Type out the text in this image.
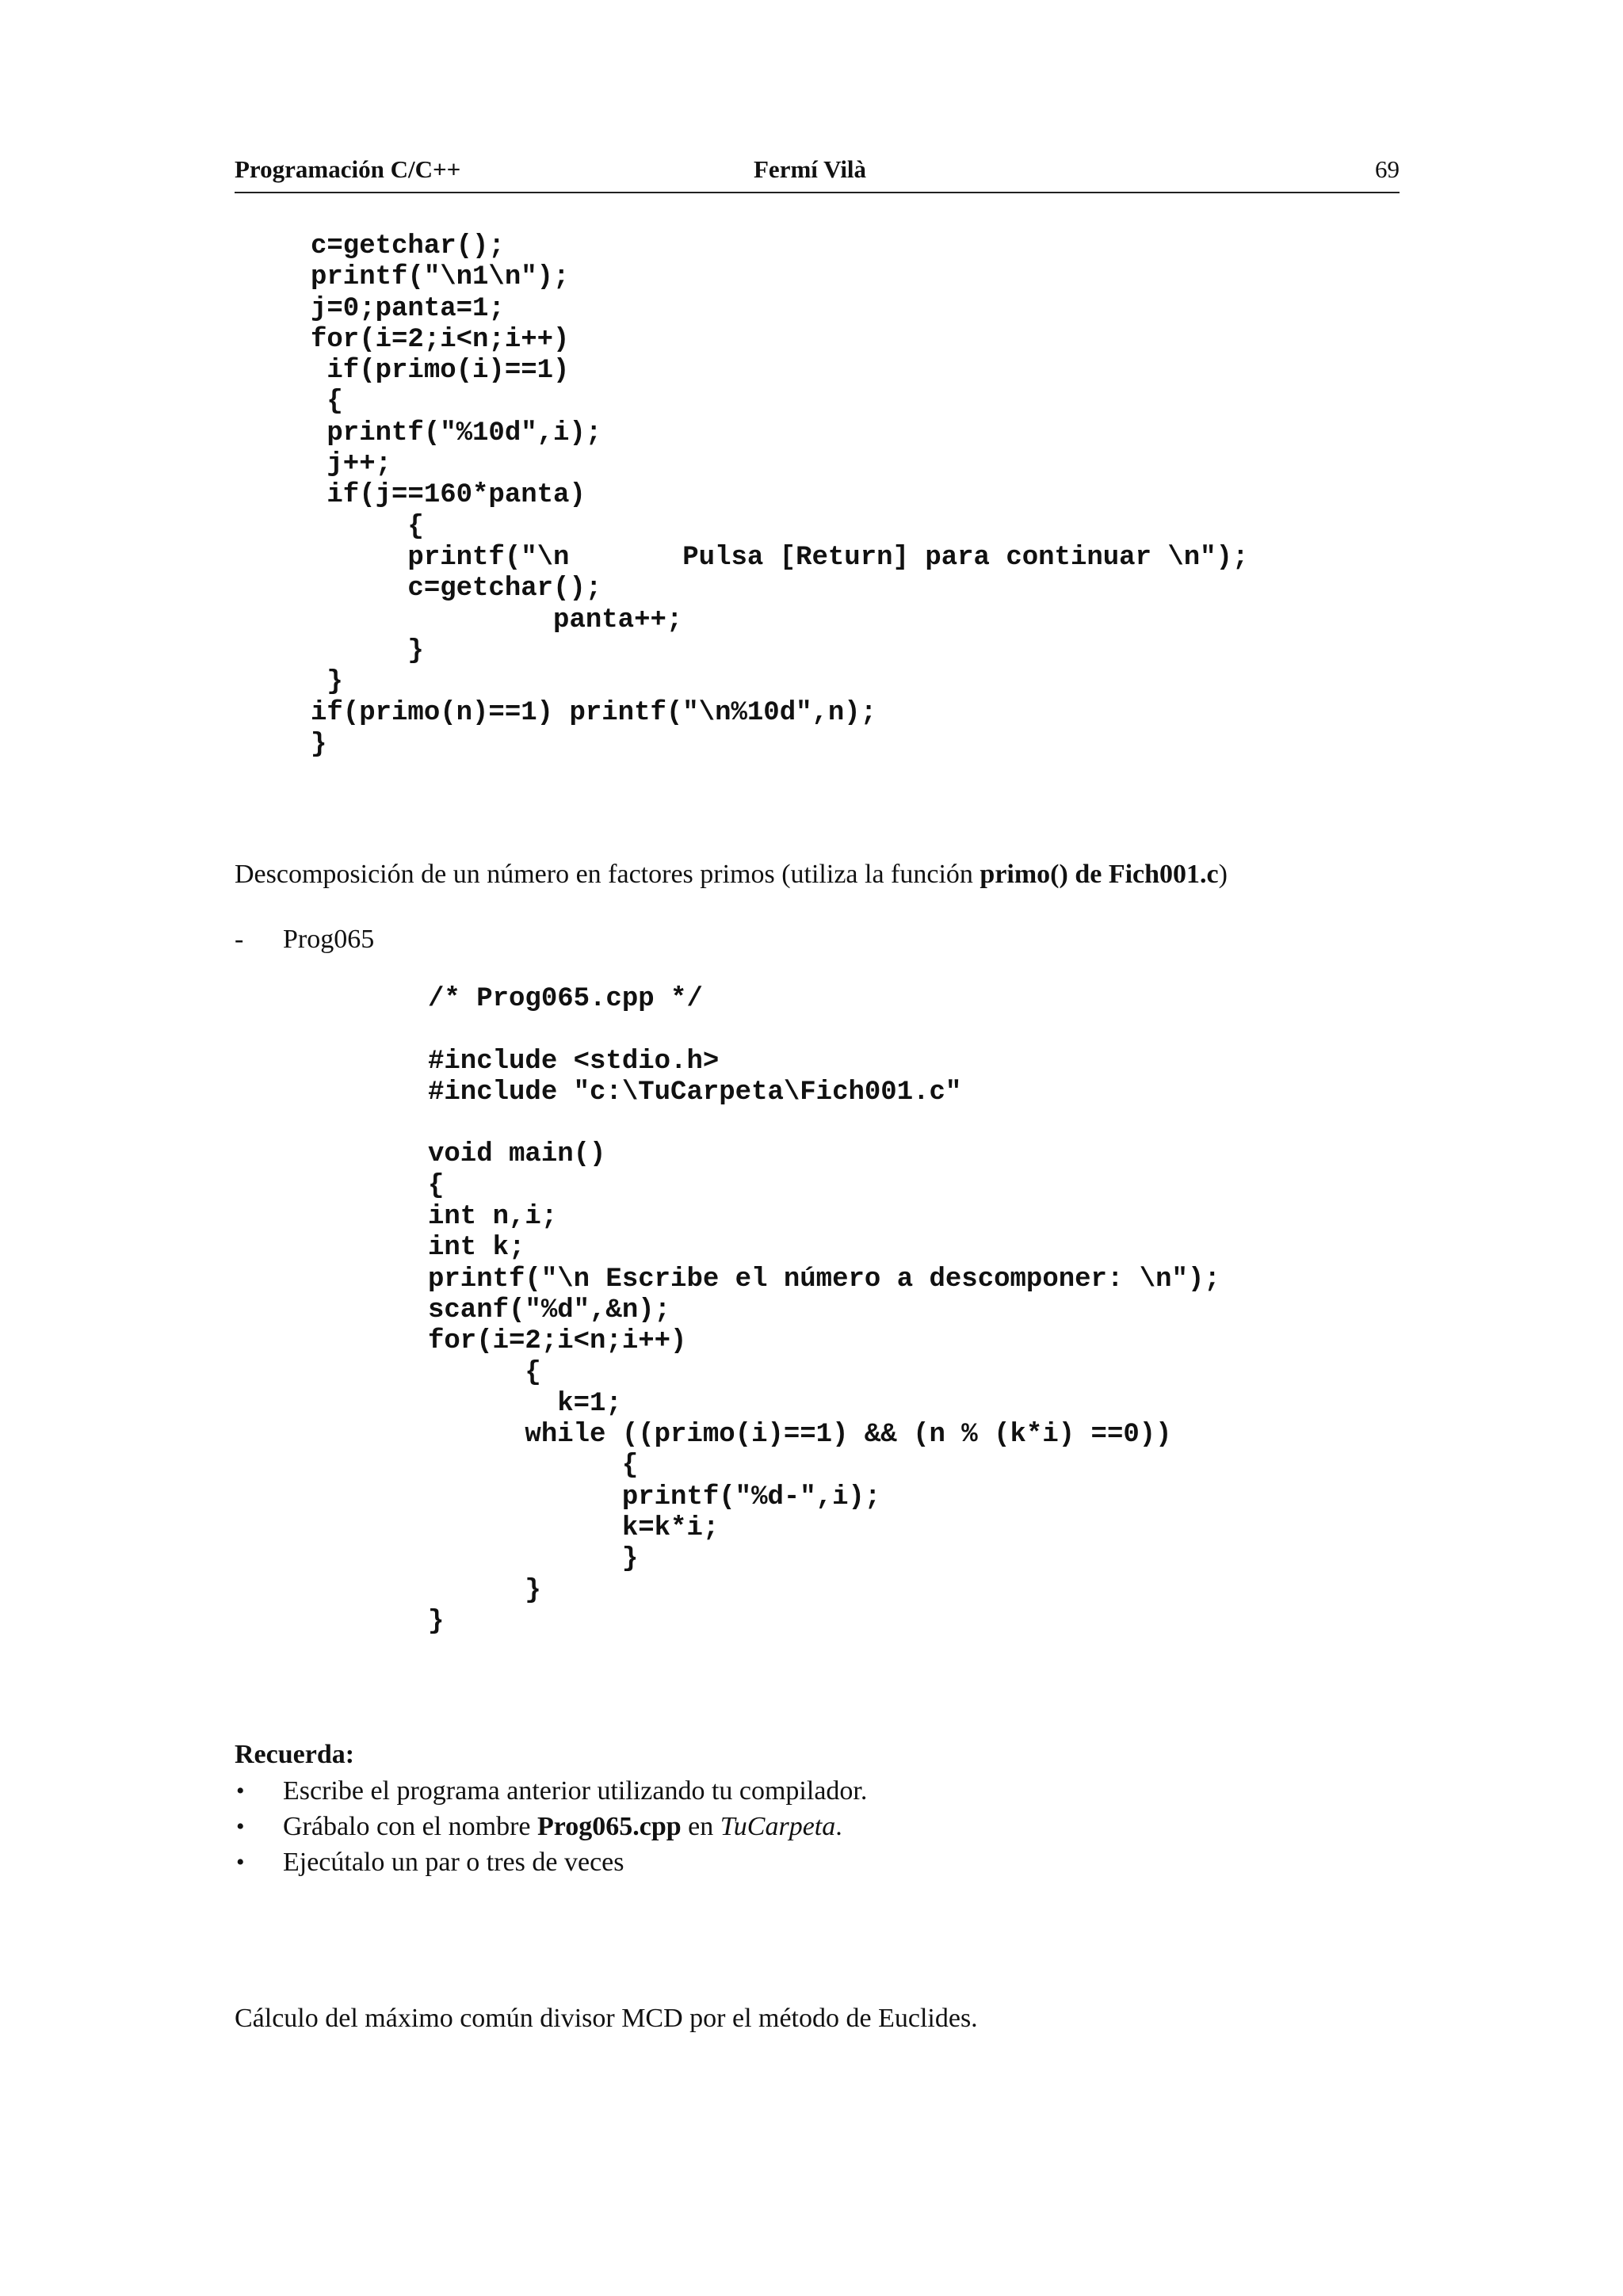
Programación C/C++	Fermí Vilà	69
c=getchar();
printf("\n1\n");
j=0;panta=1;
for(i=2;i<n;i++)
if(primo(i)==1)
{
printf("%10d",i);
j++;
if(j==160*panta)
{
printf("\n       Pulsa [Return] para continuar \n");
c=getchar();
panta++;
}
}
if(primo(n)==1) printf("\n%10d",n);
}
Descomposición de un número en factores primos (utiliza la función primo() de Fich001.c)
- Prog065
/* Prog065.cpp */

#include <stdio.h>
#include "c:\TuCarpeta\Fich001.c"

void main()
{
int n,i;
int k;
printf("\n Escribe el número a descomponer: \n");
scanf("%d",&n);
for(i=2;i<n;i++)
{
k=1;
while ((primo(i)==1) && (n % (k*i) ==0))
{
printf("%d-",i);
k=k*i;
}
}
}
Recuerda:
• Escribe el programa anterior utilizando tu compilador.
• Grábalo con el nombre Prog065.cpp en TuCarpeta.
• Ejecútalo un par o tres de veces
Cálculo del máximo común divisor MCD por el método de Euclides.
